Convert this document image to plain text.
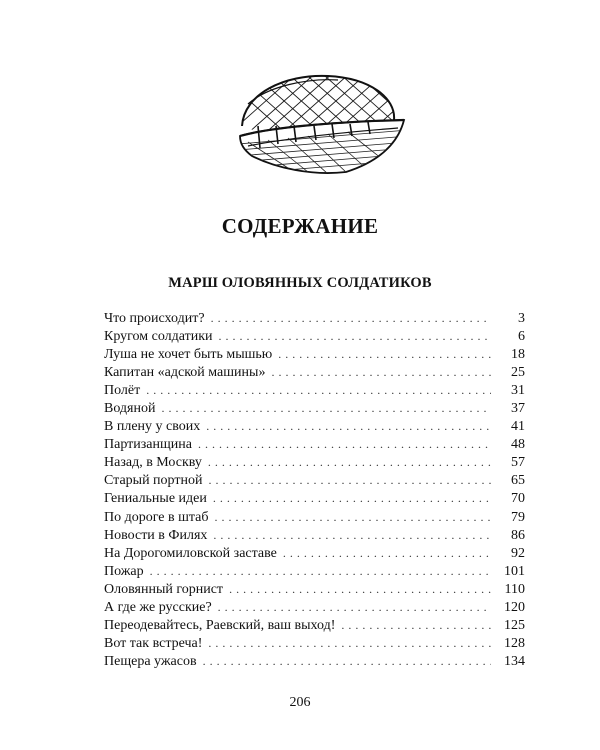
СОДЕРЖАНИЕ
МАРШ ОЛОВЯННЫХ СОЛДАТИКОВ
Что происходит? . . .	3
Кругом солдатики . . .	6
Луша не хочет быть мышью . . .	18
Капитан «адской машины» . . .	25
Полёт . . .	31
Водяной . . .	37
В плену у своих . . .	41
Партизанщина . . .	48
Назад, в Москву . . .	57
Старый портной . . .	65
Гениальные идеи . . .	70
По дороге в штаб . . .	79
Новости в Филях . . .	86
На Дорогомиловской заставе . . .	92
Пожар . . .	101
Оловянный горнист . . .	110
А где же русские? . . .	120
Переодевайтесь, Раевский, ваш выход! . . .	125
Вот так встреча! . . .	128
Пещера ужасов . . .	134
206
